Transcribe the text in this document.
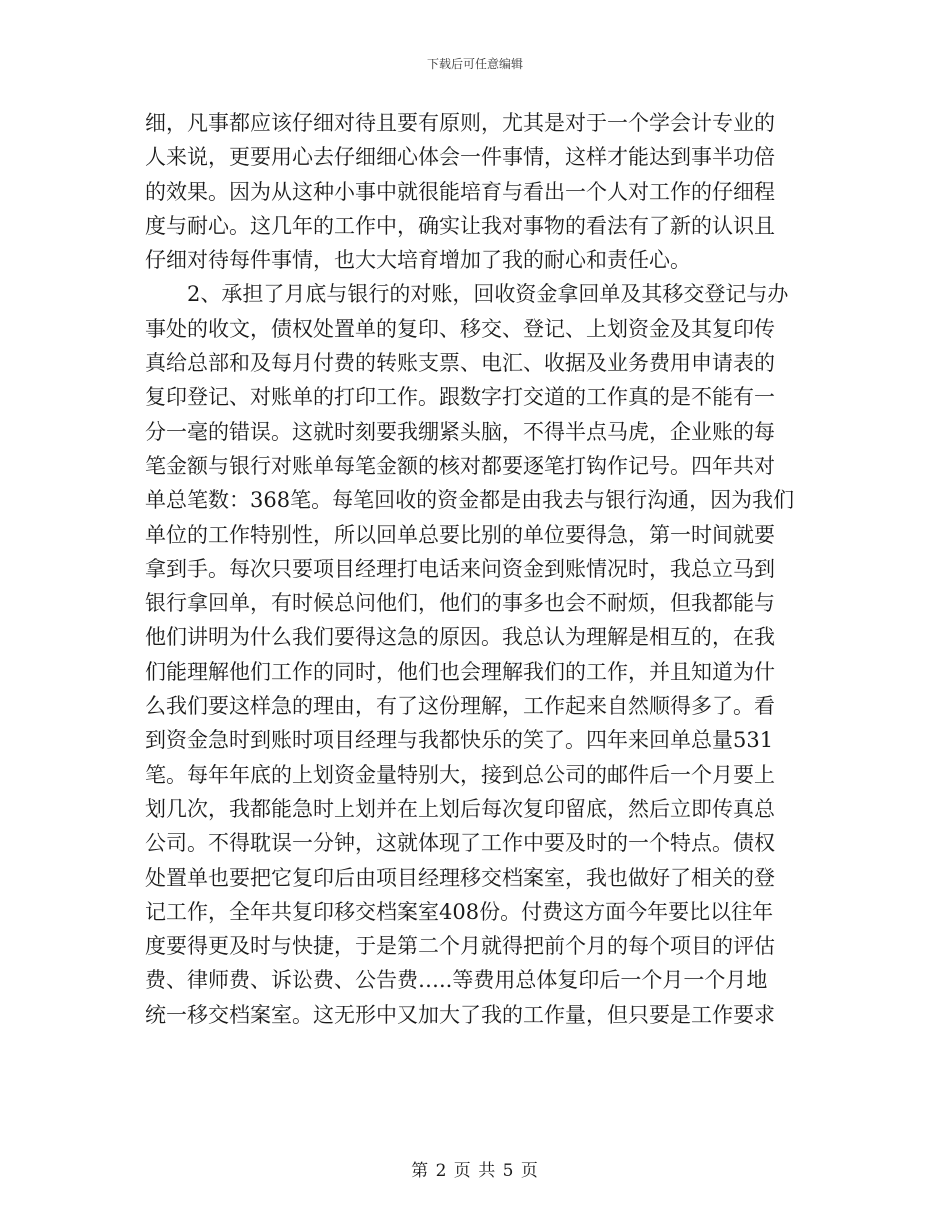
下载后可任意编辑
细，凡事都应该仔细对待且要有原则，尤其是对于一个学会计专业的
人来说，更要用心去仔细细心体会一件事情，这样才能达到事半功倍
的效果。因为从这种小事中就很能培育与看出一个人对工作的仔细程
度与耐心。这几年的工作中，确实让我对事物的看法有了新的认识且
仔细对待每件事情，也大大培育增加了我的耐心和责任心。
2、承担了月底与银行的对账，回收资金拿回单及其移交登记与办
事处的收文，债权处置单的复印、移交、登记、上划资金及其复印传
真给总部和及每月付费的转账支票、电汇、收据及业务费用申请表的
复印登记、对账单的打印工作。跟数字打交道的工作真的是不能有一
分一毫的错误。这就时刻要我绷紧头脑，不得半点马虎，企业账的每
笔金额与银行对账单每笔金额的核对都要逐笔打钩作记号。四年共对
单总笔数：368笔。每笔回收的资金都是由我去与银行沟通，因为我们
单位的工作特别性，所以回单总要比别的单位要得急，第一时间就要
拿到手。每次只要项目经理打电话来问资金到账情况时，我总立马到
银行拿回单，有时候总问他们，他们的事多也会不耐烦，但我都能与
他们讲明为什么我们要得这急的原因。我总认为理解是相互的，在我
们能理解他们工作的同时，他们也会理解我们的工作，并且知道为什
么我们要这样急的理由，有了这份理解，工作起来自然顺得多了。看
到资金急时到账时项目经理与我都快乐的笑了。四年来回单总量531
笔。每年年底的上划资金量特别大，接到总公司的邮件后一个月要上
划几次，我都能急时上划并在上划后每次复印留底，然后立即传真总
公司。不得耽误一分钟，这就体现了工作中要及时的一个特点。债权
处置单也要把它复印后由项目经理移交档案室，我也做好了相关的登
记工作，全年共复印移交档案室408份。付费这方面今年要比以往年
度要得更及时与快捷，于是第二个月就得把前个月的每个项目的评估
费、律师费、诉讼费、公告费…..等费用总体复印后一个月一个月地
统一移交档案室。这无形中又加大了我的工作量，但只要是工作要求
第 2 页 共 5 页
